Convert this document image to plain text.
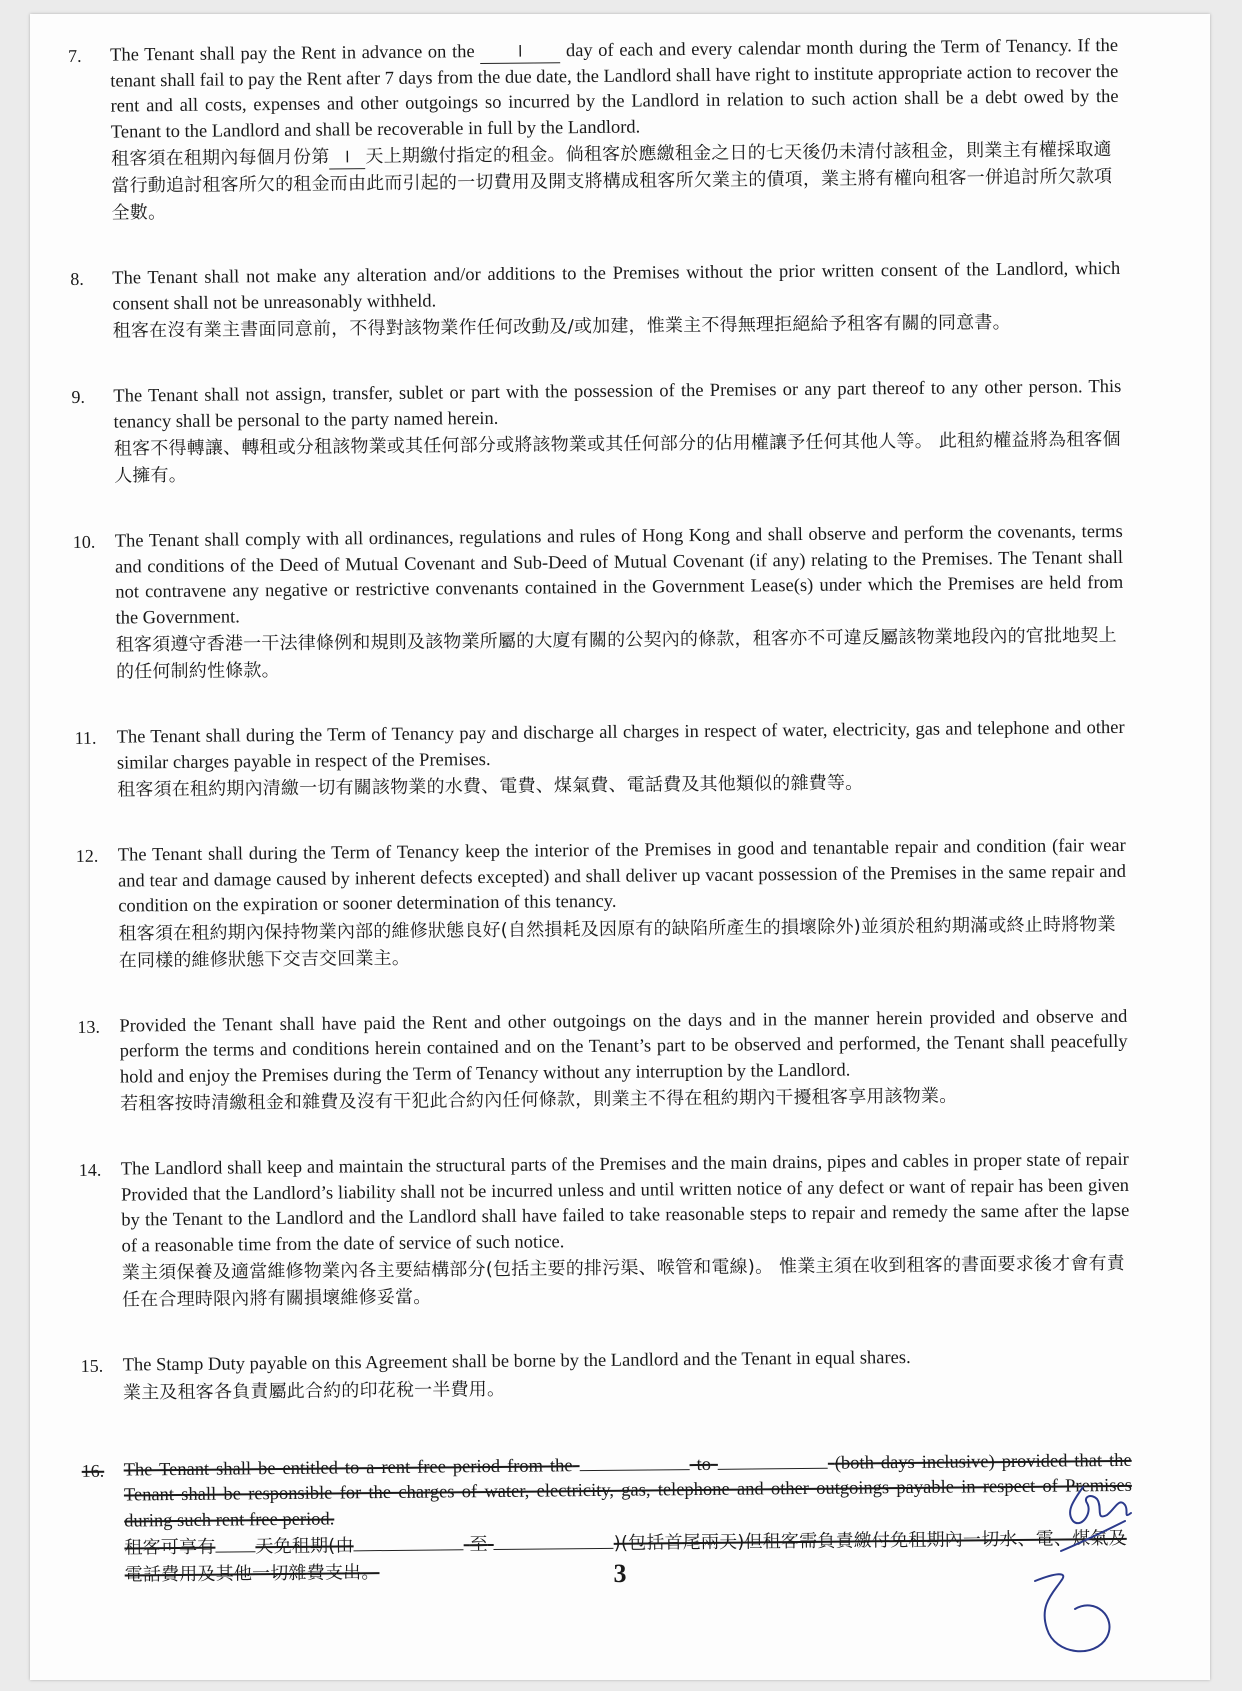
7.	The Tenant shall pay the Rent in advance on the	l day of each and every calendar month during the Term of Tenancy. If the tenant shall fail to pay the Rent after 7 days from the due date, the Landlord shall have right to institute appropriate action to recover the rent and all costs, expenses and other outgoings so incurred by the Landlord in relation to such action shall be a debt owed by the Tenant to the Landlord and shall be recoverable in full by the Landlord.
租客須在租期內每個月份第 l 天上期繳付指定的租金。倘租客於應繳租金之日的七天後仍未清付該租金，則業主有權採取適當行動追討租客所欠的租金而由此而引起的一切費用及開支將構成租客所欠業主的債項，業主將有權向租客一併追討所欠款項全數。
8.	The Tenant shall not make any alteration and/or additions to the Premises without the prior written consent of the Landlord, which consent shall not be unreasonably withheld.
租客在沒有業主書面同意前，不得對該物業作任何改動及/或加建，惟業主不得無理拒絕給予租客有關的同意書。
9.	The Tenant shall not assign, transfer, sublet or part with the possession of the Premises or any part thereof to any other person. This tenancy shall be personal to the party named herein.
租客不得轉讓、轉租或分租該物業或其任何部分或將該物業或其任何部分的佔用權讓予任何其他人等。 此租約權益將為租客個人擁有。
10.	The Tenant shall comply with all ordinances, regulations and rules of Hong Kong and shall observe and perform the covenants, terms and conditions of the Deed of Mutual Covenant and Sub-Deed of Mutual Covenant (if any) relating to the Premises. The Tenant shall not contravene any negative or restrictive convenants contained in the Government Lease(s) under which the Premises are held from the Government.
租客須遵守香港一干法律條例和規則及該物業所屬的大廈有關的公契內的條款，租客亦不可違反屬該物業地段內的官批地契上的任何制約性條款。
11.	The Tenant shall during the Term of Tenancy pay and discharge all charges in respect of water, electricity, gas and telephone and other similar charges payable in respect of the Premises.
租客須在租約期內清繳一切有關該物業的水費、電費、煤氣費、電話費及其他類似的雜費等。
12.	The Tenant shall during the Term of Tenancy keep the interior of the Premises in good and tenantable repair and condition (fair wear and tear and damage caused by inherent defects excepted) and shall deliver up vacant possession of the Premises in the same repair and condition on the expiration or sooner determination of this tenancy.
租客須在租約期內保持物業內部的維修狀態良好(自然損耗及因原有的缺陷所產生的損壞除外)並須於租約期滿或終止時將物業在同樣的維修狀態下交吉交回業主。
13.	Provided the Tenant shall have paid the Rent and other outgoings on the days and in the manner herein provided and observe and perform the terms and conditions herein contained and on the Tenant’s part to be observed and performed, the Tenant shall peacefully hold and enjoy the Premises during the Term of Tenancy without any interruption by the Landlord.
若租客按時清繳租金和雜費及沒有干犯此合約內任何條款，則業主不得在租約期內干擾租客享用該物業。
14.	The Landlord shall keep and maintain the structural parts of the Premises and the main drains, pipes and cables in proper state of repair Provided that the Landlord’s liability shall not be incurred unless and until written notice of any defect or want of repair has been given by the Tenant to the Landlord and the Landlord shall have failed to take reasonable steps to repair and remedy the same after the lapse of a reasonable time from the date of service of such notice.
業主須保養及適當維修物業內各主要結構部分(包括主要的排污渠、喉管和電線)。 惟業主須在收到租客的書面要求後才會有責任在合理時限內將有關損壞維修妥當。
15.	The Stamp Duty payable on this Agreement shall be borne by the Landlord and the Tenant in equal shares.
業主及租客各負責屬此合約的印花稅一半費用。
16.	The Tenant shall be entitled to a rent free period from the	to	(both days inclusive) provided that the Tenant shall be responsible for the charges of water, electricity, gas, telephone and other outgoings payable in respect of Premises during such rent free period.
租客可享有 天免租期(由	至	)(包括首尾兩天)但租客需負責繳付免租期內一切水、電、煤氣及電話費用及其他一切雜費支出。	3
